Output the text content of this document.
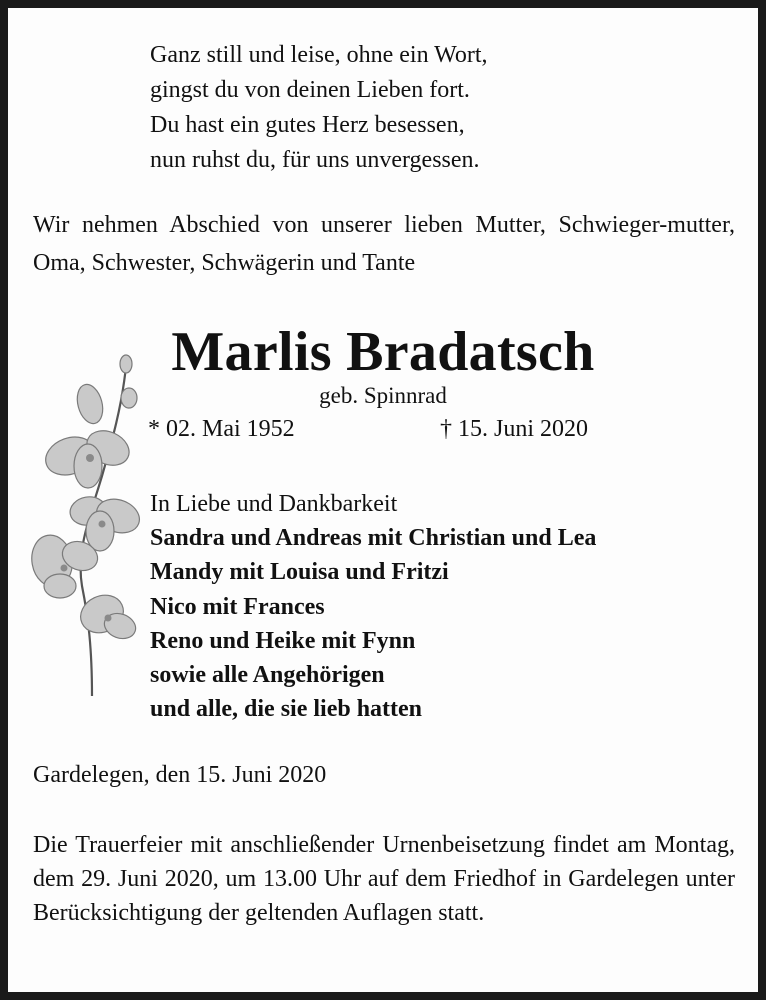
Ganz still und leise, ohne ein Wort,
gingst du von deinen Lieben fort.
Du hast ein gutes Herz besessen,
nun ruhst du, für uns unvergessen.
Wir nehmen Abschied von unserer lieben Mutter, Schwieger-mutter, Oma, Schwester, Schwägerin und Tante
Marlis Bradatsch
geb. Spinnrad
* 02. Mai 1952	† 15. Juni 2020
In Liebe und Dankbarkeit
Sandra und Andreas mit Christian und Lea
Mandy mit Louisa und Fritzi
Nico mit Frances
Reno und Heike mit Fynn
sowie alle Angehörigen
und alle, die sie lieb hatten
Gardelegen, den 15. Juni 2020
Die Trauerfeier mit anschließender Urnenbeisetzung findet am Montag, dem 29. Juni 2020, um 13.00 Uhr auf dem Friedhof in Gardelegen unter Berücksichtigung der geltenden Auflagen statt.
